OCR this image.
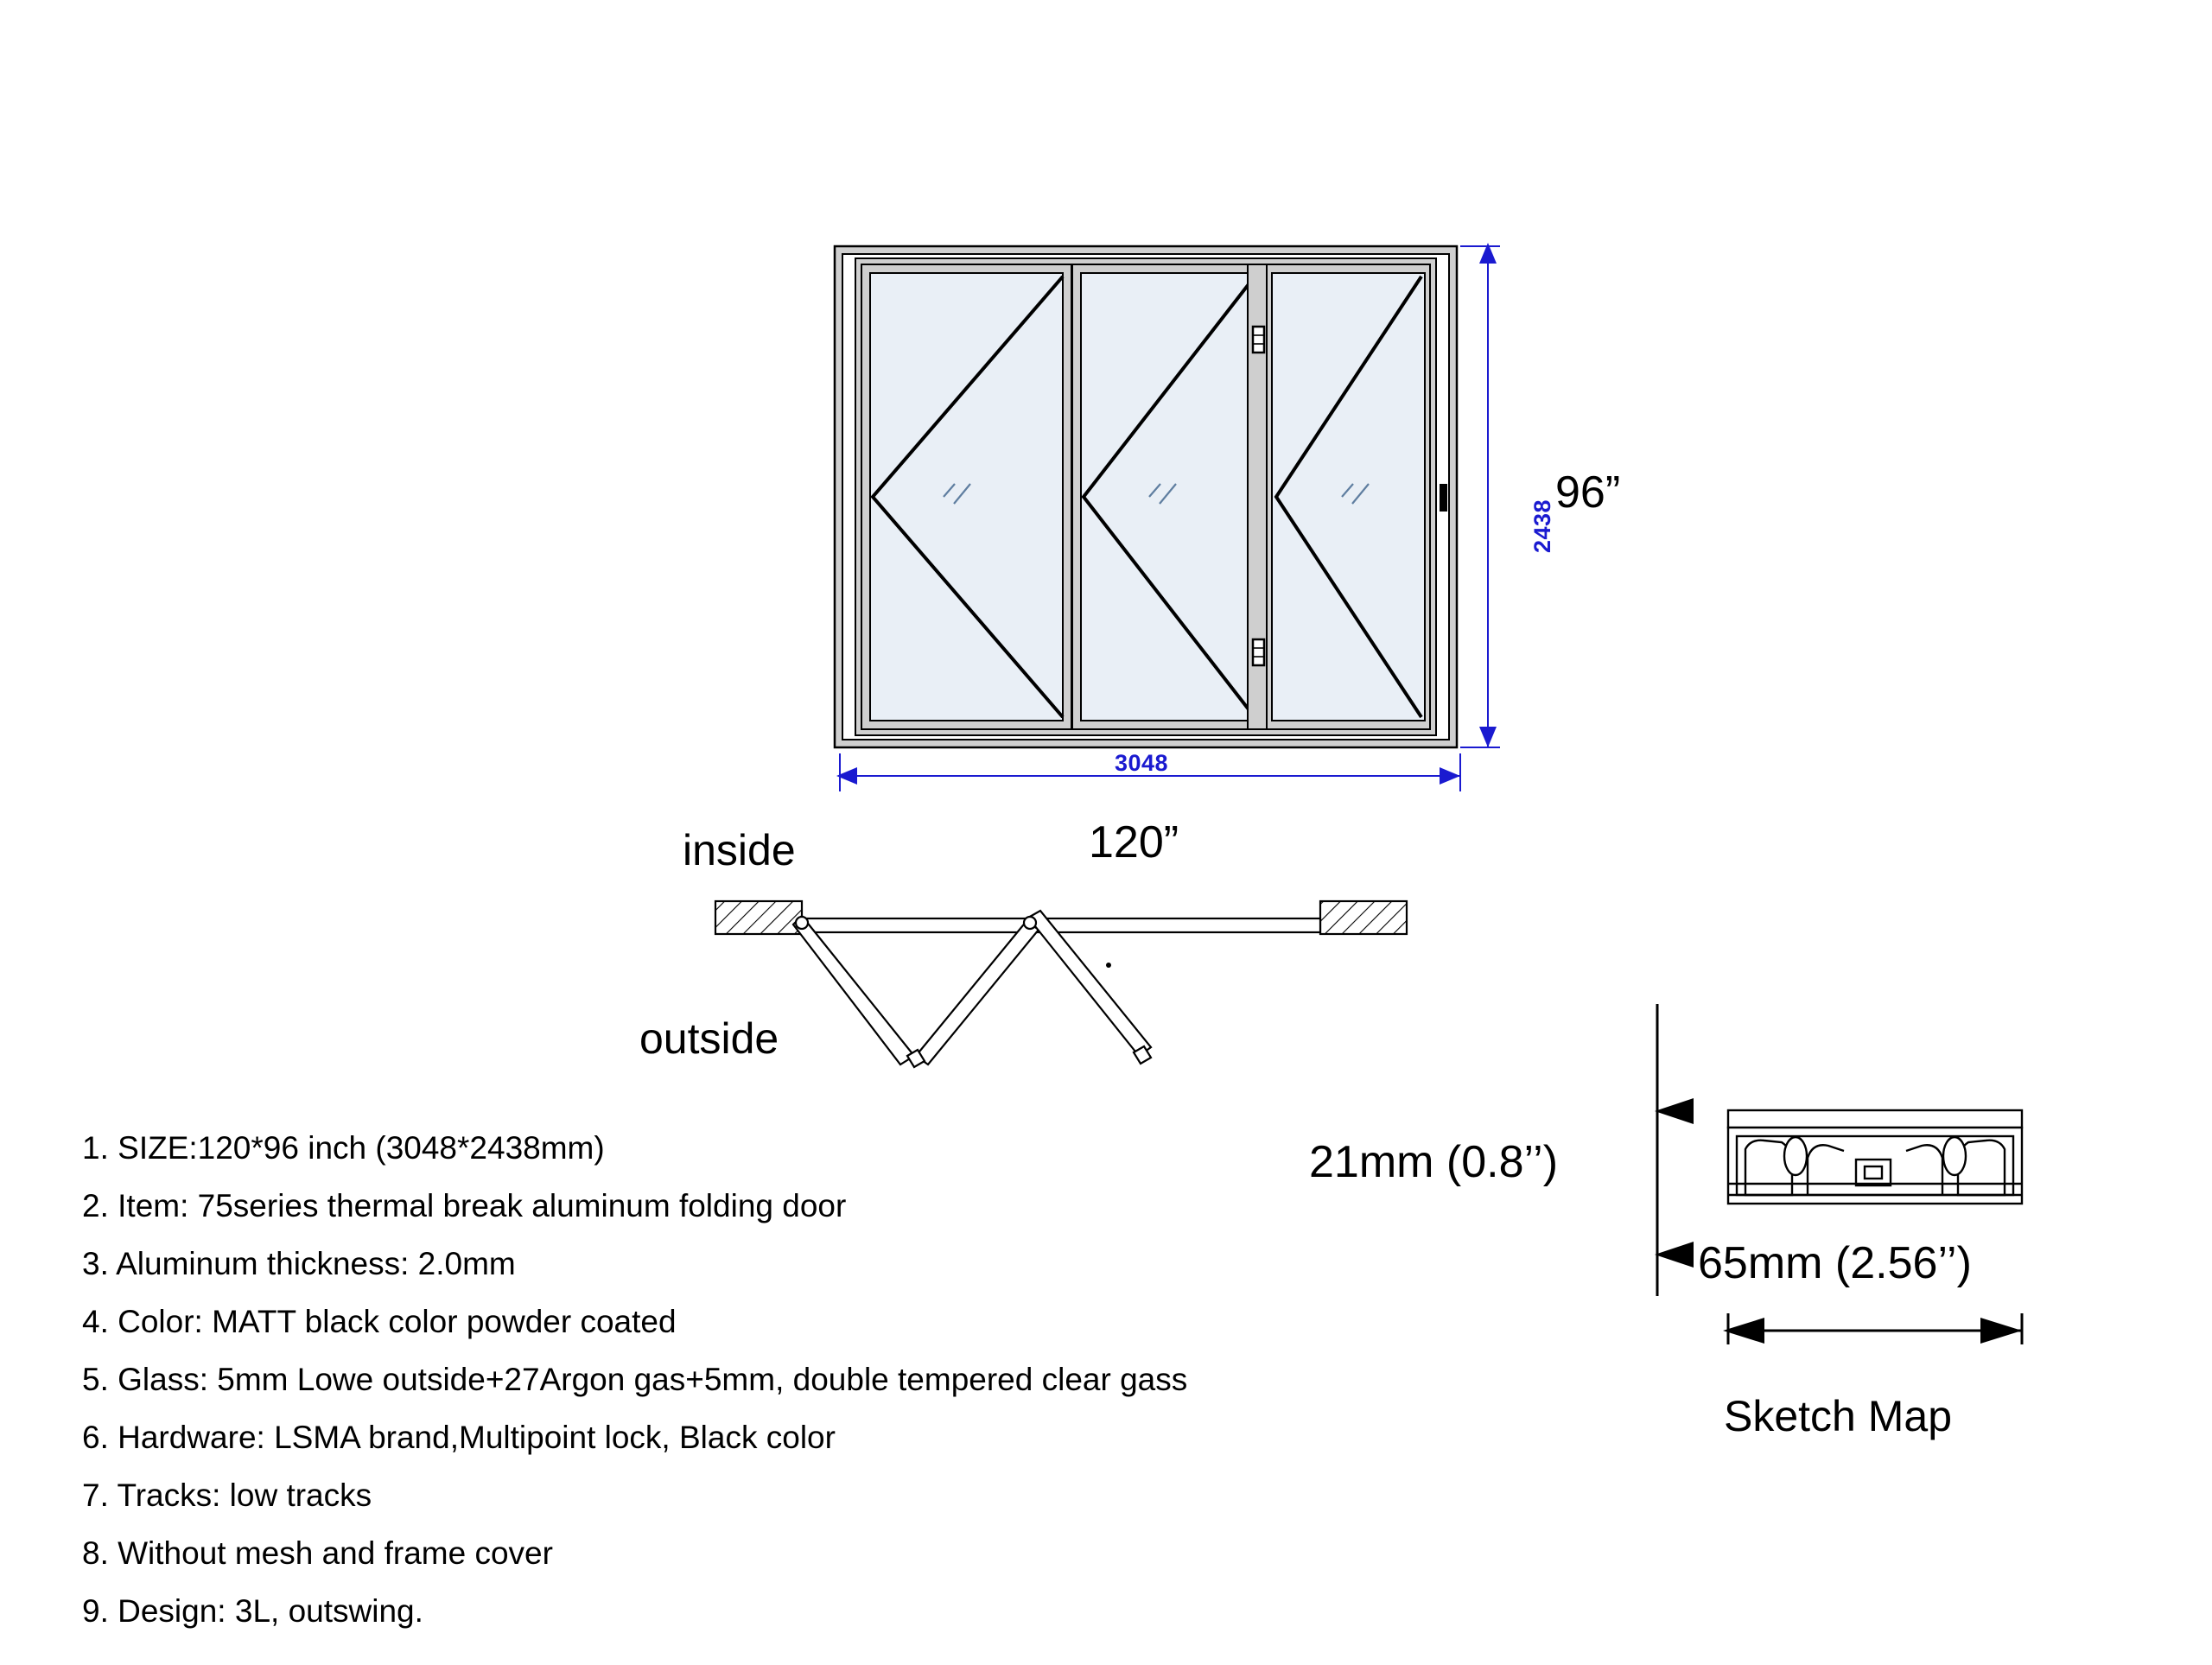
2438
96”
3048
120”
inside
outside
21mm (0.8’’)
65mm (2.56’’)
Sketch Map
1. SIZE:120*96 inch (3048*2438mm)
2. Item: 75series thermal break aluminum folding door
3. Aluminum thickness: 2.0mm
4. Color: MATT black color powder coated
5. Glass: 5mm Lowe outside+27Argon gas+5mm, double tempered clear gass
6. Hardware: LSMA brand,Multipoint lock, Black color
7. Tracks: low tracks
8. Without mesh and frame cover
9. Design: 3L, outswing.
